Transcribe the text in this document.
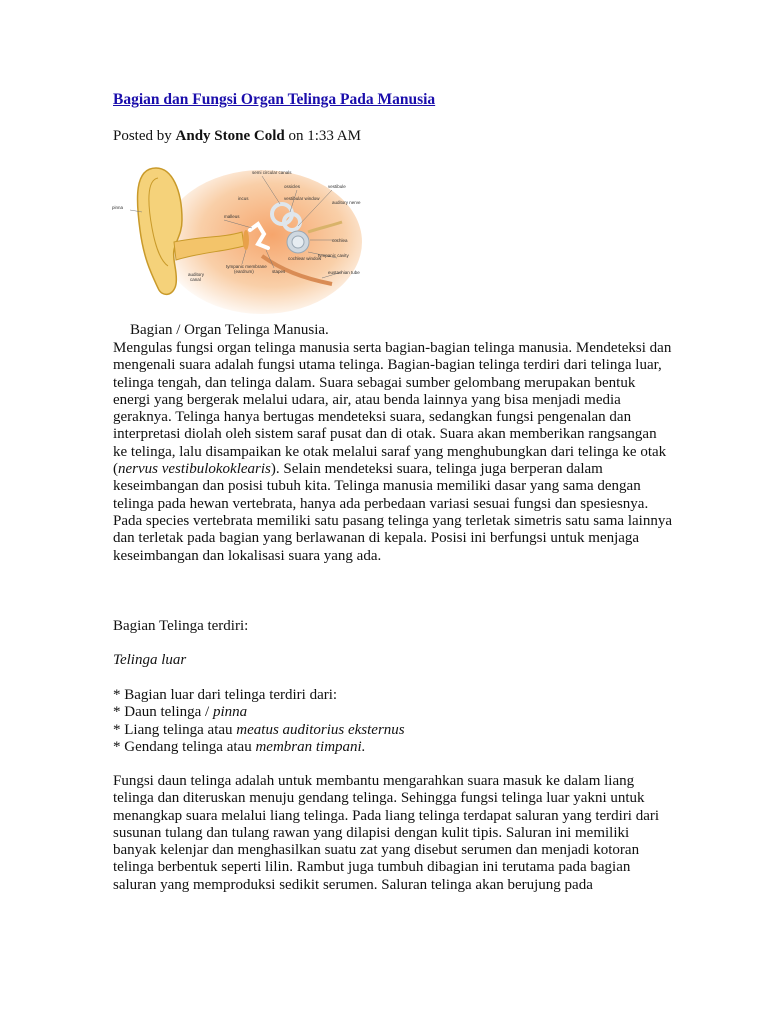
Bagian dan Fungsi Organ Telinga Pada Manusia
Posted by Andy Stone Cold on 1:33 AM
semi circular canals
ossicles	vestibule
incus	vestibular window
auditory nerve
malleus
pinna
cochlea
cochlear window
tympanic membrane
(eardrum)	stapes
tympanic cavity
eustachian tube
auditory
canal
Bagian / Organ Telinga Manusia.

Mengulas fungsi organ telinga manusia serta bagian-bagian telinga manusia. Mendeteksi dan mengenali suara adalah fungsi utama telinga. Bagian-bagian telinga terdiri dari telinga luar, telinga tengah, dan telinga dalam. Suara sebagai sumber gelombang merupakan bentuk energi yang bergerak melalui udara, air, atau benda lainnya yang bisa menjadi media geraknya. Telinga hanya bertugas mendeteksi suara, sedangkan fungsi pengenalan dan interpretasi diolah oleh sistem saraf pusat dan di otak. Suara akan memberikan rangsangan ke telinga, lalu disampaikan ke otak melalui saraf yang menghubungkan dari telinga ke otak (nervus vestibulokoklearis). Selain mendeteksi suara, telinga juga berperan dalam keseimbangan dan posisi tubuh kita. Telinga manusia memiliki dasar yang sama dengan telinga pada hewan vertebrata, hanya ada perbedaan variasi sesuai fungsi dan spesiesnya. Pada species vertebrata memiliki satu pasang telinga yang terletak simetris satu sama lainnya dan terletak pada bagian yang berlawanan di kepala. Posisi ini berfungsi untuk menjaga keseimbangan dan lokalisasi suara yang ada.

Bagian Telinga terdiri:
Telinga luar
* Bagian luar dari telinga terdiri dari:
* Daun telinga / pinna
* Liang telinga atau meatus auditorius eksternus
* Gendang telinga atau membran timpani.

Fungsi daun telinga adalah untuk membantu mengarahkan suara masuk ke dalam liang telinga dan diteruskan menuju gendang telinga. Sehingga fungsi telinga luar yakni untuk menangkap suara melalui liang telinga. Pada liang telinga terdapat saluran yang terdiri dari susunan tulang dan tulang rawan yang dilapisi dengan kulit tipis. Saluran ini memiliki banyak kelenjar dan menghasilkan suatu zat yang disebut serumen dan menjadi kotoran telinga berbentuk seperti lilin. Rambut juga tumbuh dibagian ini terutama pada bagian saluran yang memproduksi sedikit serumen. Saluran telinga akan berujung pada
